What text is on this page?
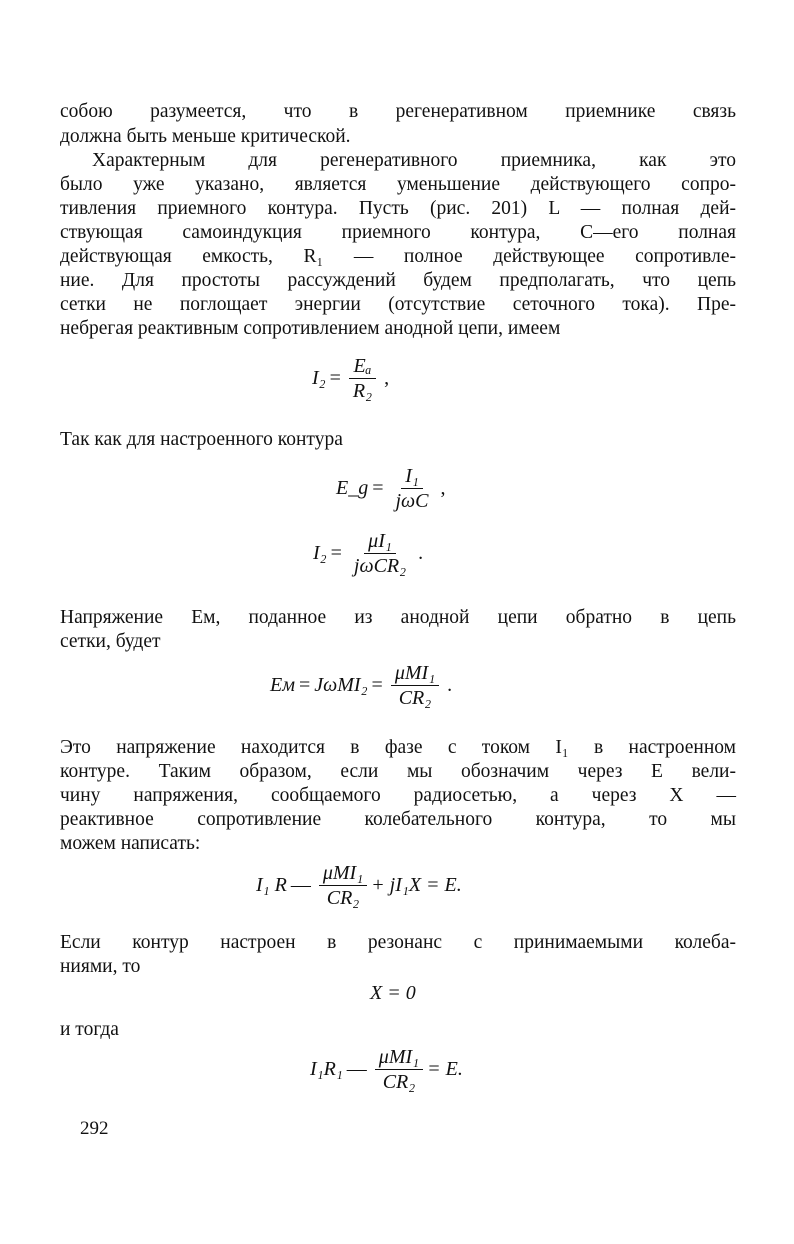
собою разумеется, что в регенеративном приемнике связь
должна быть меньше критической.
Характерным для регенеративного приемника, как это
было уже указано, является уменьшение действующего сопро-
тивления приемного контура. Пусть (рис. 201) L — полная дей-
ствующая самоиндукция приемного контура, C—его полная
действующая емкость, R₁ — полное действующее сопротивле-
ние. Для простоты рассуждений будем предполагать, что цепь
сетки не поглощает энергии (отсутствие сеточного тока). Пре-
небрегая реактивным сопротивлением анодной цепи, имеем
$I_2 = \frac{\text{Eₐ}}{\text{R₂}}$ ,
Так как для настроенного контура
E_g = $\frac{\text{I₁}}{\text{jωC}}$ ,
$I_2 = \frac{\text{μI₁}}{\text{jωCR₂}}$ .
Напряжение Eм, поданное из анодной цепи обратно в цепь
сетки, будет
Eм = $J\omega MI_2 = \frac{\text{μMI₁}}{\text{CR₂}}$ .
Это напряжение находится в фазе с током I₁ в настроенном
контуре. Таким образом, если мы обозначим через E вели-
чину напряжения, сообщаемого радиосетью, а через X —
реактивное сопротивление колебательного контура, то мы
можем написать:
I₁ R — $\frac{\text{μMI₁}}{\text{CR₂}} + jI_1X = E$.
Если контур настроен в резонанс с принимаемыми колеба-
ниями, то
X = 0
и тогда
I₁R₁ — $\frac{\text{μMI₁}}{\text{CR₂}} = E$.
292
